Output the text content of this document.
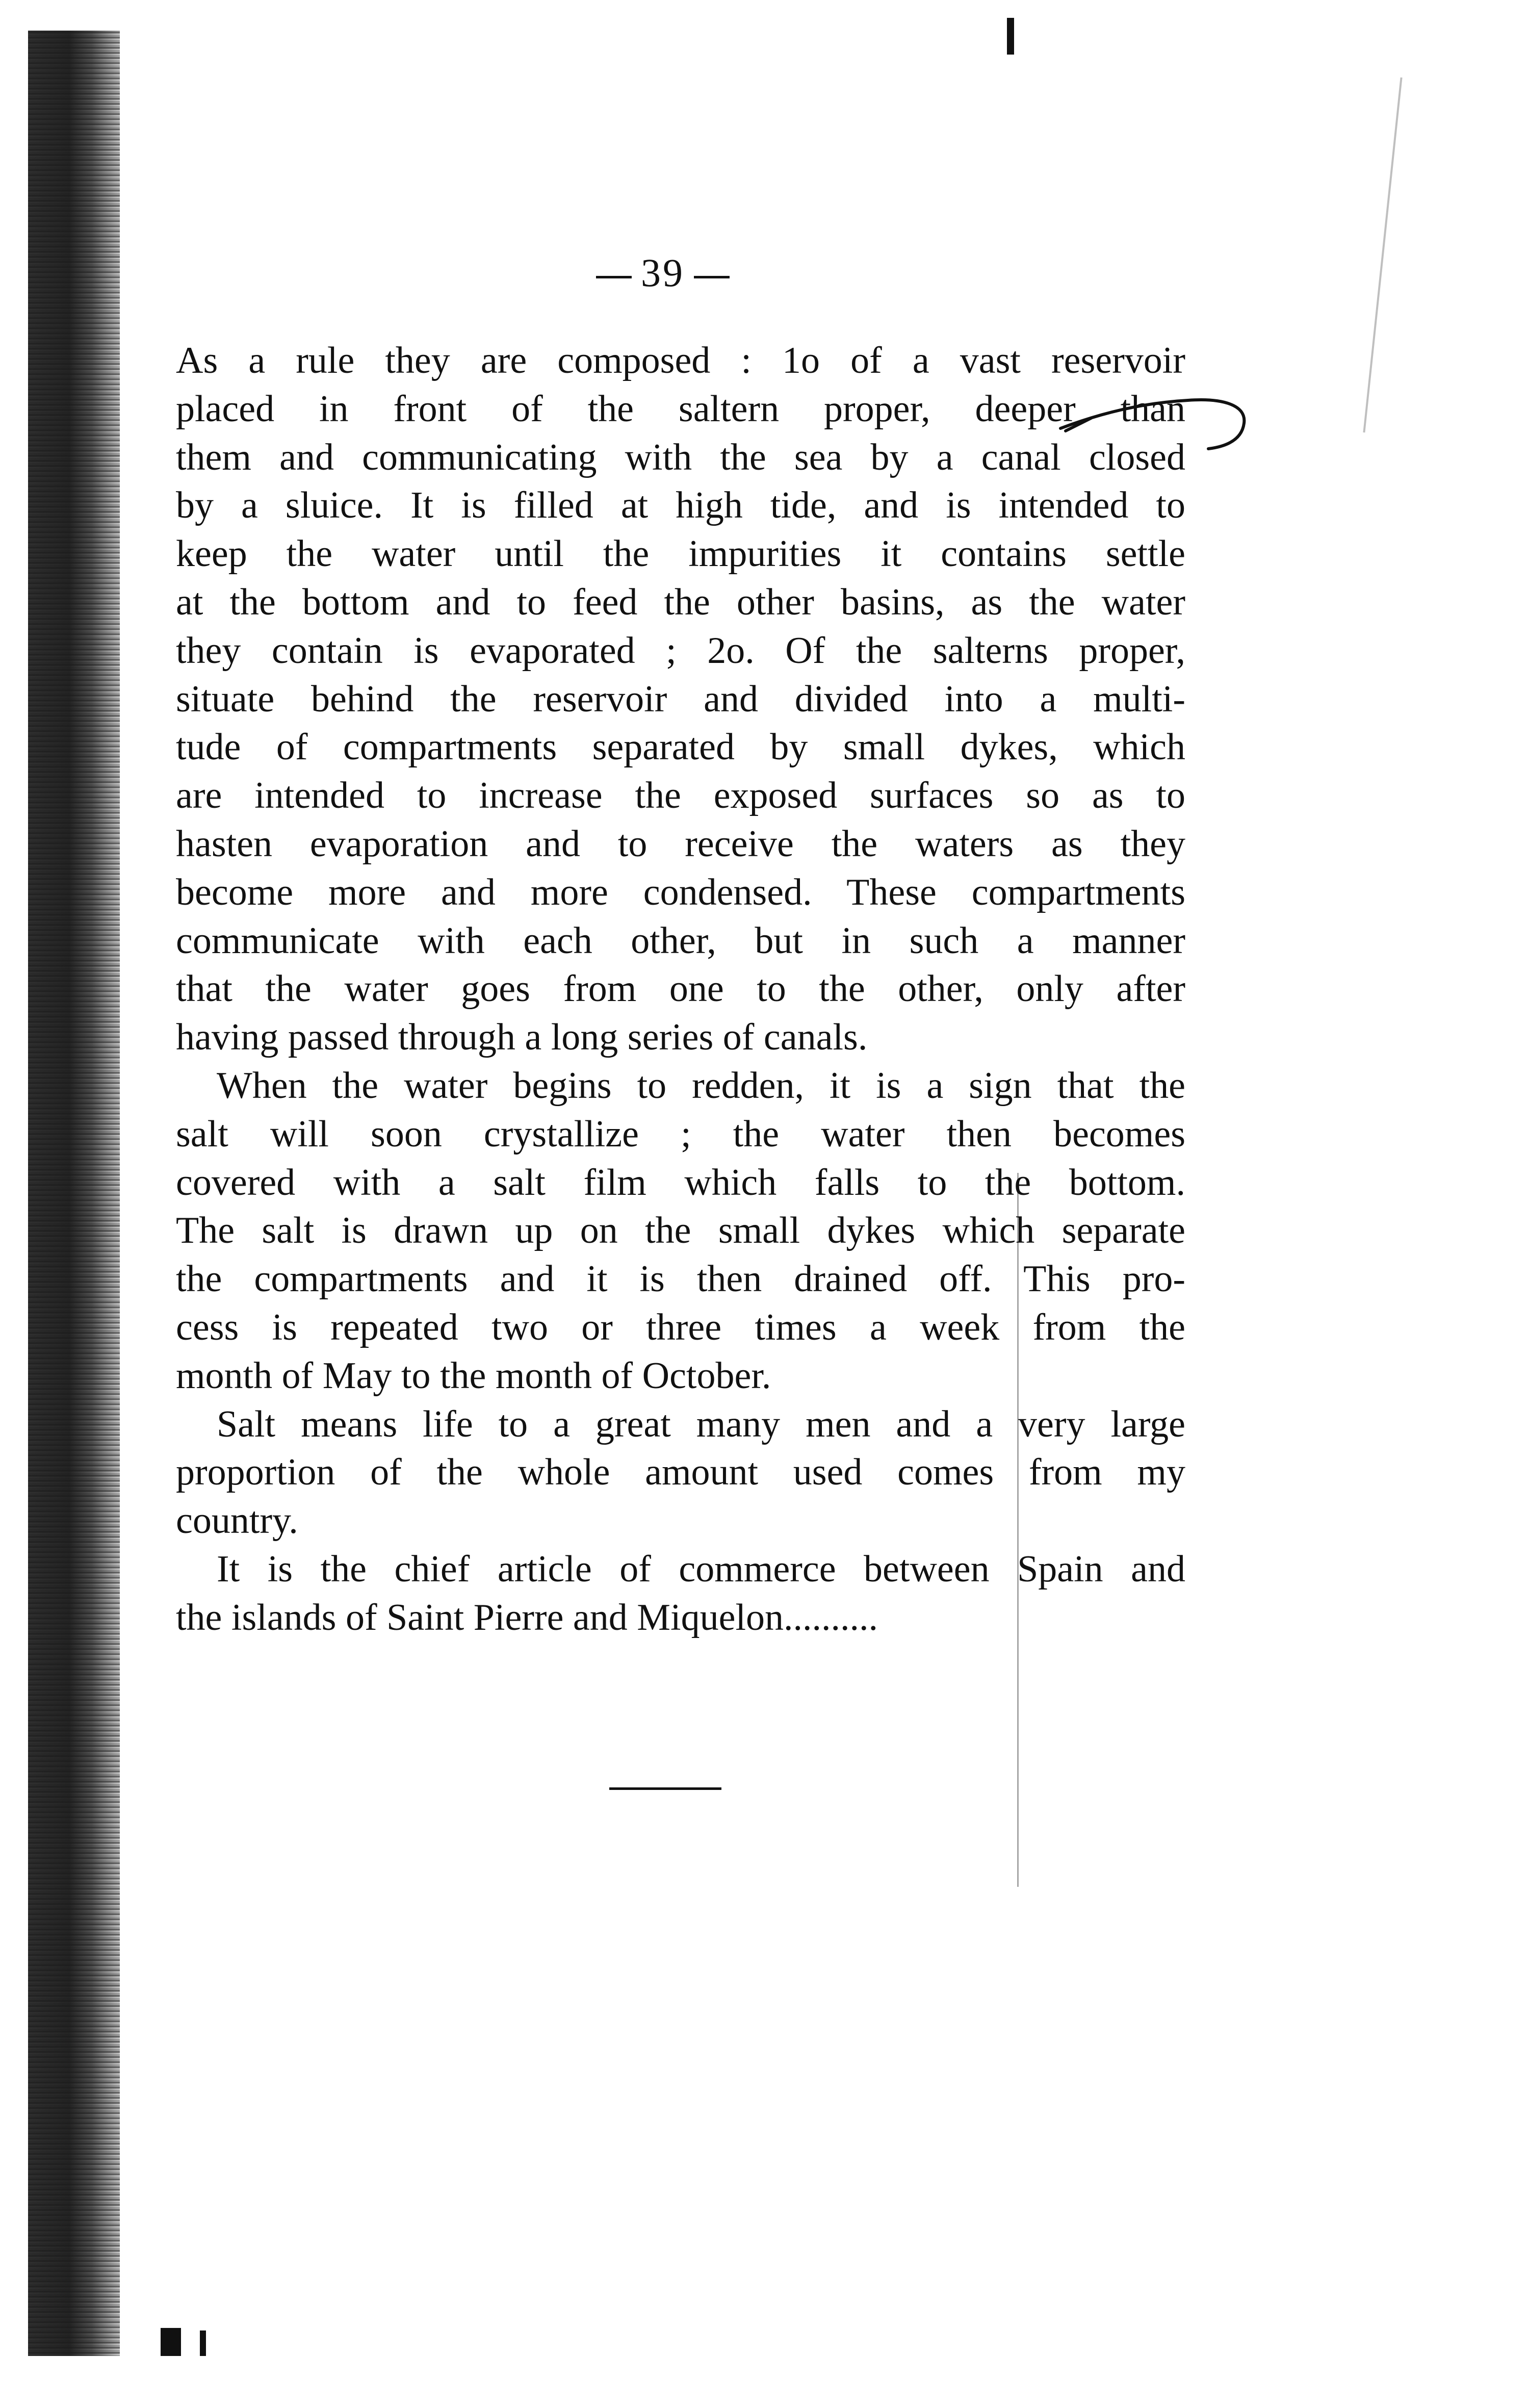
39

As a rule they are composed : 1o of a vast reservoir
placed in front of the saltern proper, deeper than
them and communicating with the sea by a canal closed
by a sluice. It is filled at high tide, and is intended to
keep the water until the impurities it contains settle
at the bottom and to feed the other basins, as the water
they contain is evaporated ; 2o. Of the salterns proper,
situate behind the reservoir and divided into a multi-
tude of compartments separated by small dykes, which
are intended to increase the exposed surfaces so as to
hasten evaporation and to receive the waters as they
become more and more condensed. These compartments
communicate with each other, but in such a manner
that the water goes from one to the other, only after
having passed through a long series of canals.

When the water begins to redden, it is a sign that the
salt will soon crystallize ; the water then becomes
covered with a salt film which falls to the bottom.
The salt is drawn up on the small dykes which separate
the compartments and it is then drained off. This pro-
cess is repeated two or three times a week from the
month of May to the month of October.

Salt means life to a great many men and a very large
proportion of the whole amount used comes from my
country.

It is the chief article of commerce between Spain and
the islands of Saint Pierre and Miquelon..........
